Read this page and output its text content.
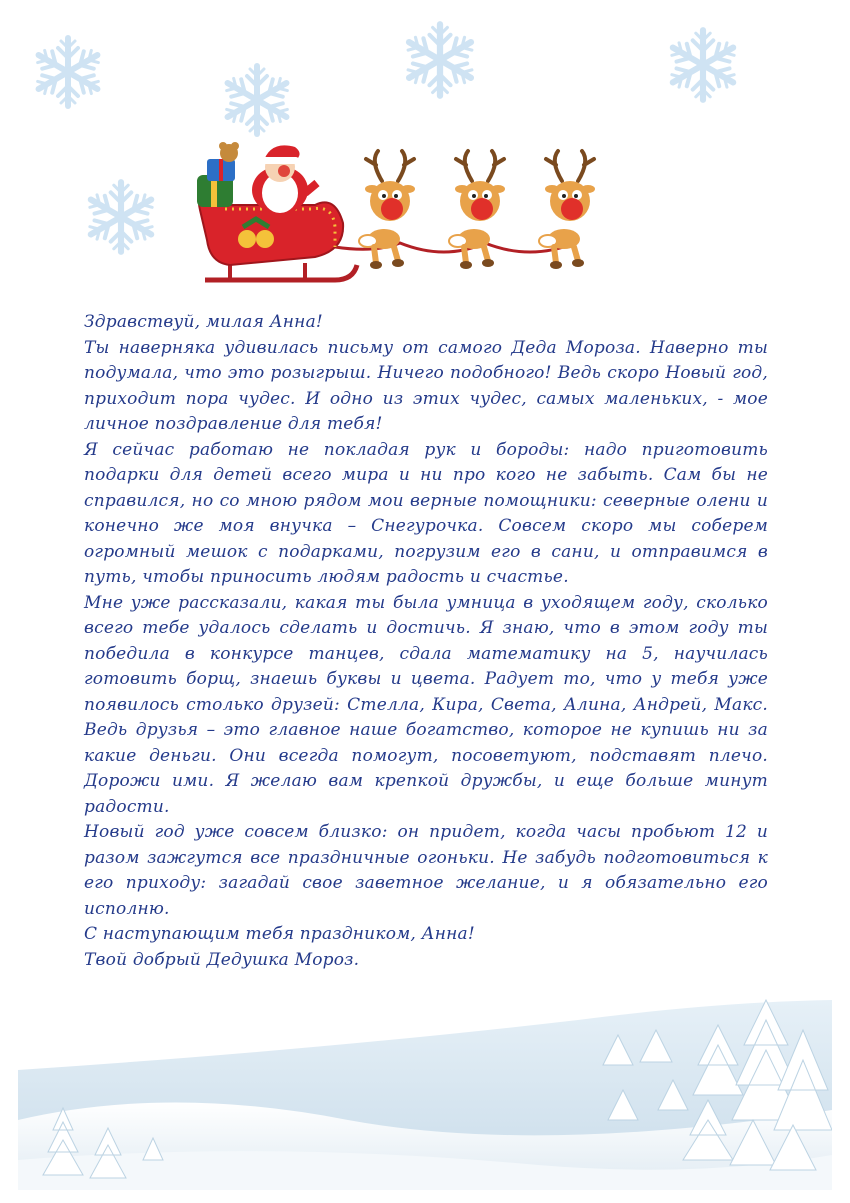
Здравствуй, милая Анна!

Ты наверняка удивилась письму от самого Деда Мороза. Наверно ты подумала, что это розыгрыш. Ничего подобного! Ведь скоро Новый год, приходит пора чудес. И одно из этих чудес, самых маленьких, - мое личное поздравление для тебя!

Я сейчас работаю не покладая рук и бороды: надо приготовить подарки для детей всего мира и ни про кого не забыть. Сам бы не справился, но со мною рядом мои верные помощники: северные олени и конечно же моя внучка – Снегурочка. Совсем скоро мы соберем огромный мешок с подарками, погрузим его в сани, и отправимся в путь, чтобы приносить людям радость и счастье.

Мне уже рассказали, какая ты была умница в уходящем году, сколько всего тебе удалось сделать и достичь. Я знаю, что в этом году ты победила в конкурсе танцев, сдала математику на 5, научилась готовить борщ, знаешь буквы и цвета. Радует то, что у тебя уже появилось столько друзей: Стелла, Кира, Света, Алина, Андрей, Макс. Ведь друзья – это главное наше богатство, которое не купишь ни за какие деньги. Они всегда помогут, посоветуют, подставят плечо. Дорожи ими. Я желаю вам крепкой дружбы, и еще больше минут радости.

Новый год уже совсем близко: он придет, когда часы пробьют 12 и разом зажгутся все праздничные огоньки. Не забудь подготовиться к его приходу: загадай свое заветное желание, и я обязательно его исполню.

С наступающим тебя праздником, Анна!

Твой добрый Дедушка Мороз.
